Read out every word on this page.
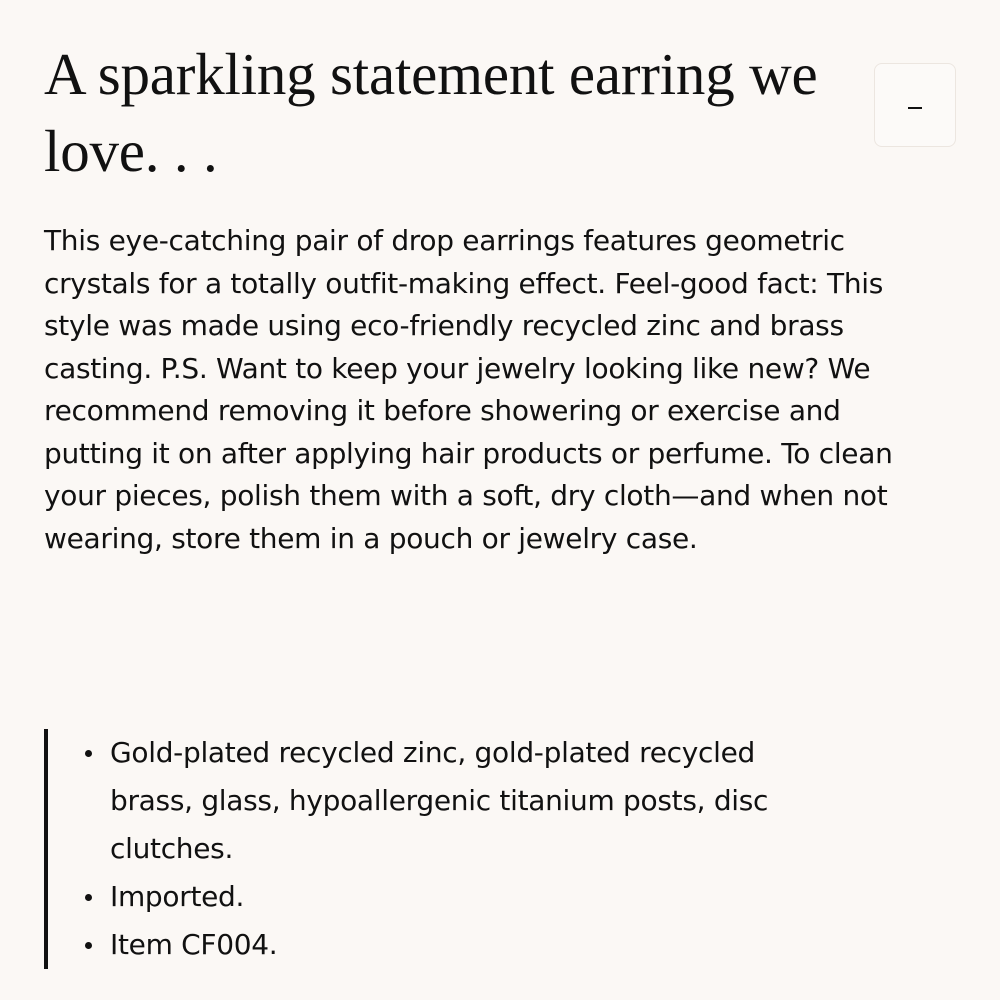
A sparkling statement earring we love. . .

This eye-catching pair of drop earrings features geometric crystals for a totally outfit-making effect. Feel-good fact: This style was made using eco-friendly recycled zinc and brass casting. P.S. Want to keep your jewelry looking like new? We recommend removing it before showering or exercise and putting it on after applying hair products or perfume. To clean your pieces, polish them with a soft, dry cloth—and when not wearing, store them in a pouch or jewelry case.

Gold-plated recycled zinc, gold-plated recycled brass, glass, hypoallergenic titanium posts, disc clutches.
Imported.
Item CF004.
